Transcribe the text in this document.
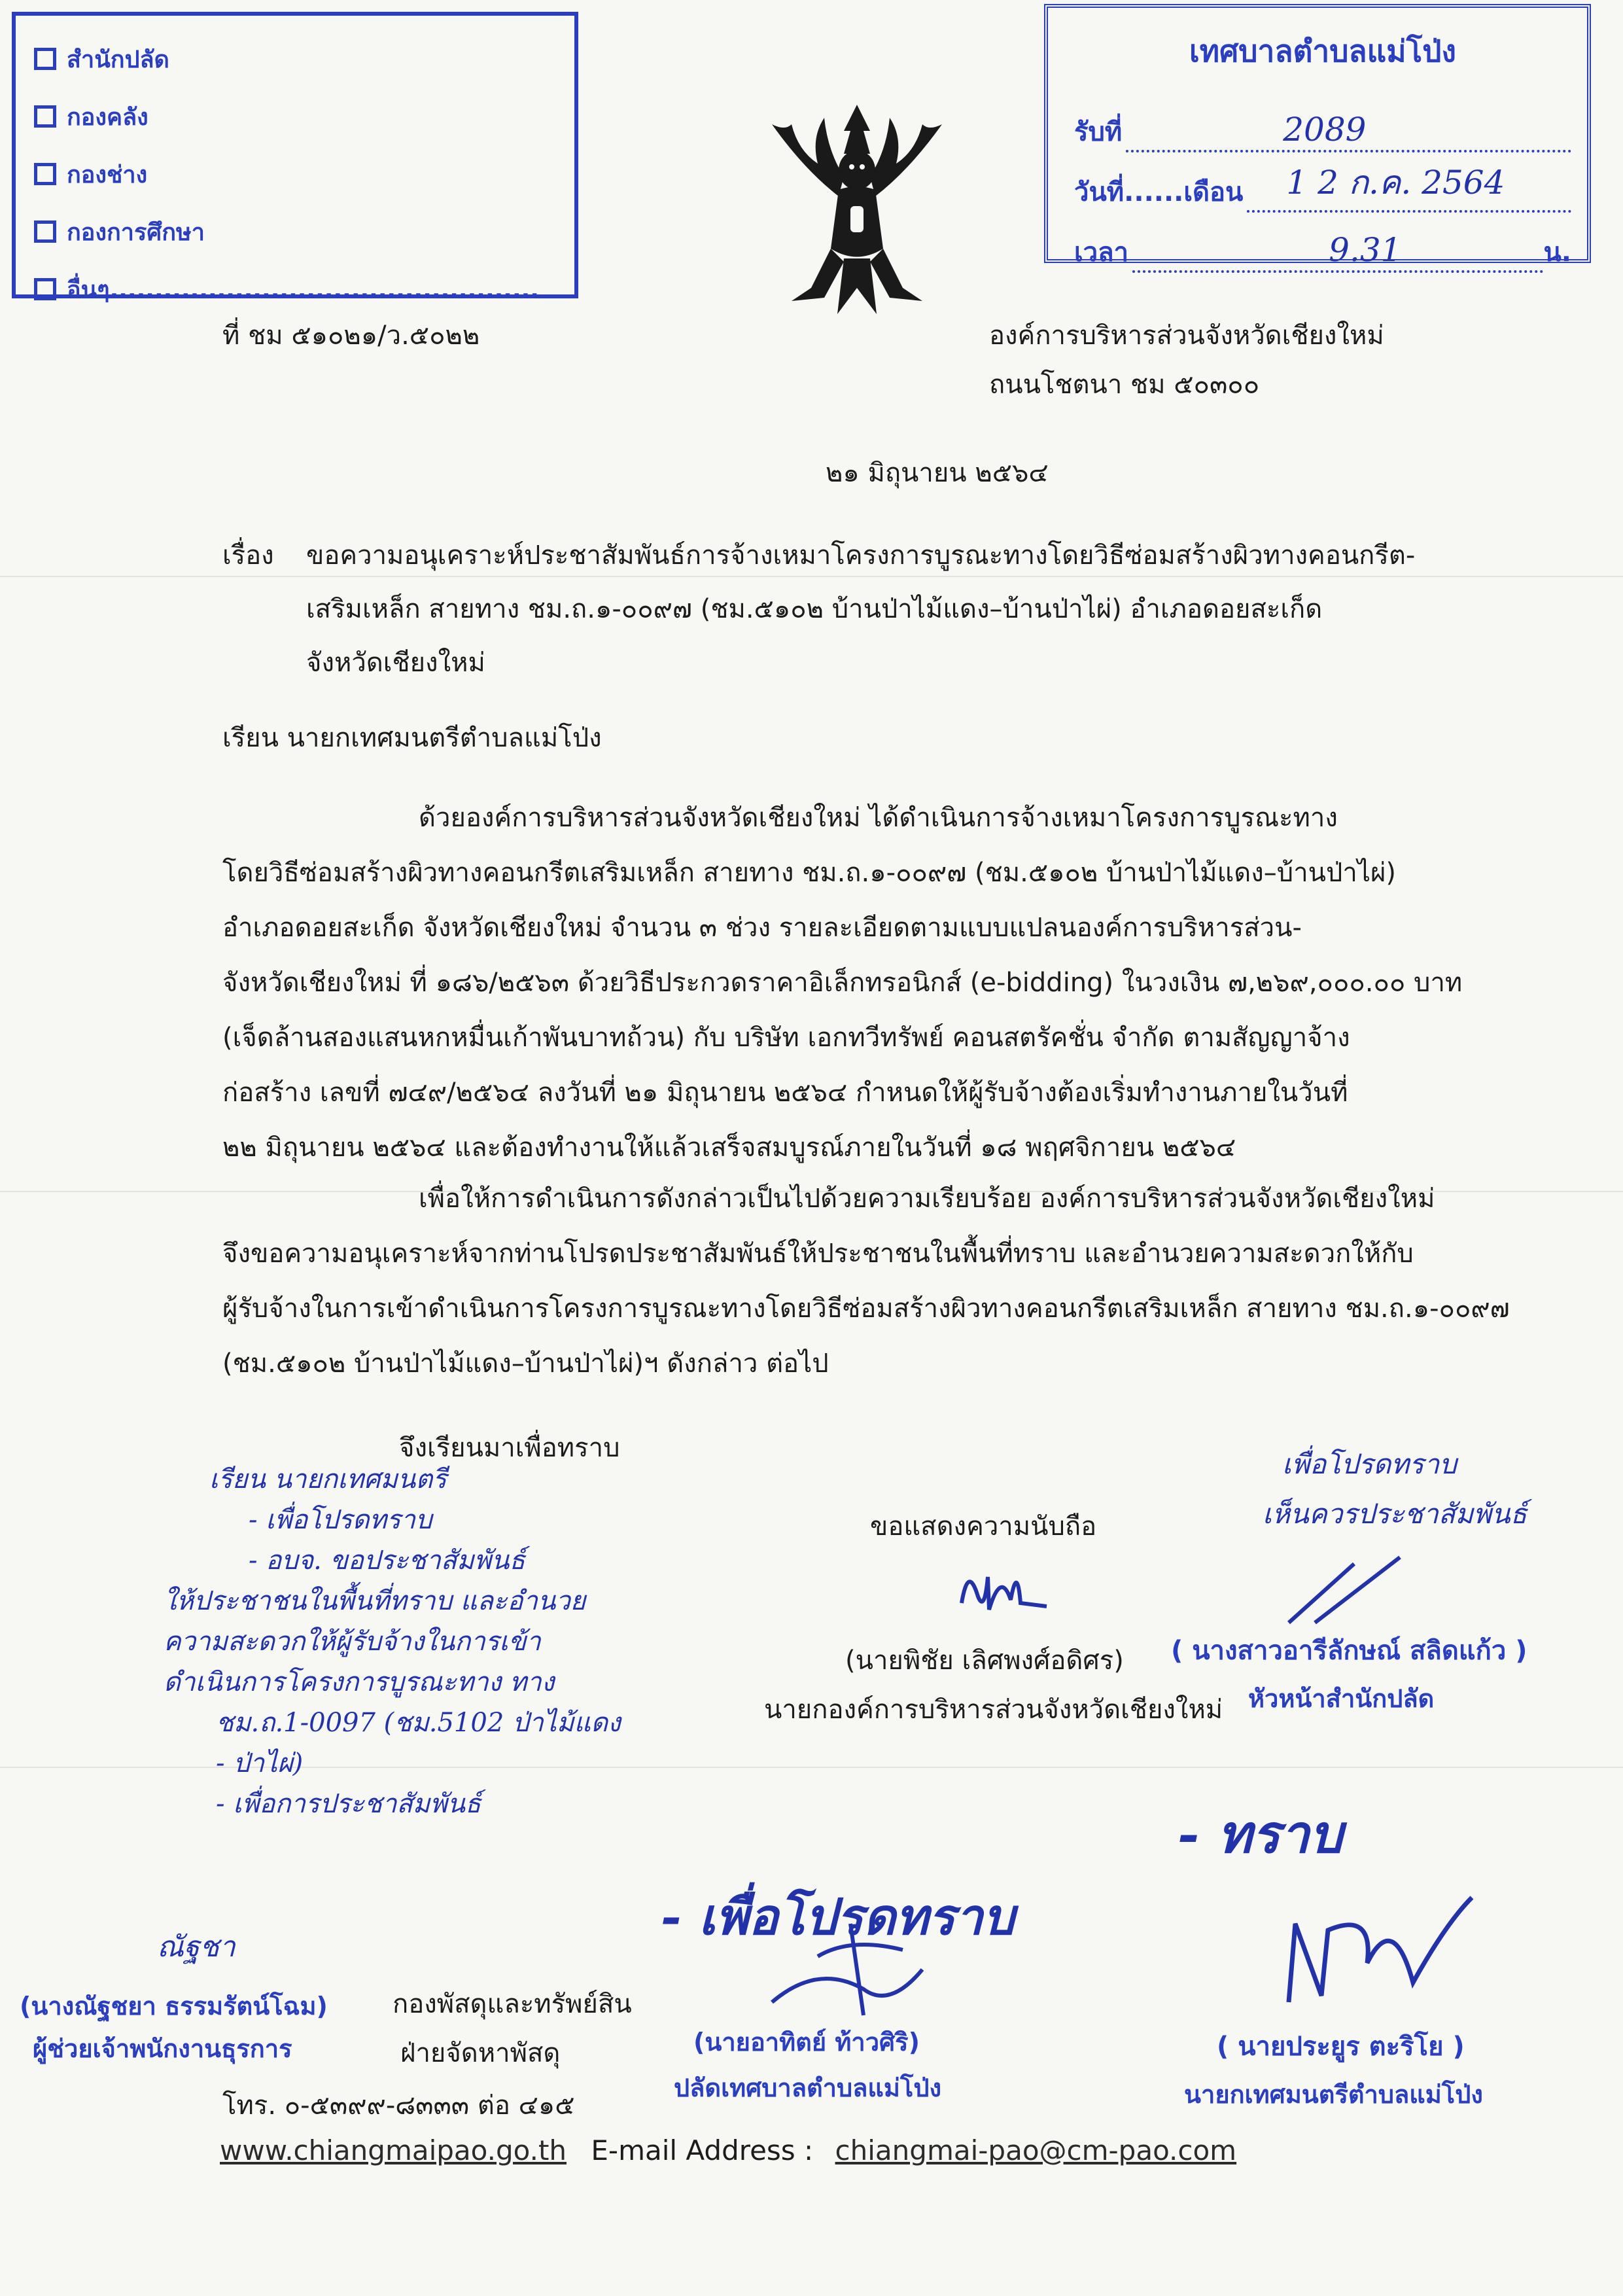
สำนักปลัด
กองคลัง
กองช่าง
กองการศึกษา
อื่นๆ................................................
เทศบาลตำบลแม่โป่ง
รับที่	2089
วันที่......เดือน 1 2 ก.ค. 2564
เวลา	9.31	น.
ที่ ชม ๕๑๐๒๑/ว.๕๐๒๒	องค์การบริหารส่วนจังหวัดเชียงใหม่
ถนนโชตนา ชม ๕๐๓๐๐
๒๑ มิถุนายน ๒๕๖๔
เรื่อง ขอความอนุเคราะห์ประชาสัมพันธ์การจ้างเหมาโครงการบูรณะทางโดยวิธีซ่อมสร้างผิวทางคอนกรีต-
เสริมเหล็ก สายทาง ชม.ถ.๑-๐๐๙๗ (ชม.๕๑๐๒ บ้านป่าไม้แดง–บ้านป่าไผ่) อำเภอดอยสะเก็ด
จังหวัดเชียงใหม่
เรียน นายกเทศมนตรีตำบลแม่โป่ง
ด้วยองค์การบริหารส่วนจังหวัดเชียงใหม่ ได้ดำเนินการจ้างเหมาโครงการบูรณะทาง
โดยวิธีซ่อมสร้างผิวทางคอนกรีตเสริมเหล็ก สายทาง ชม.ถ.๑-๐๐๙๗ (ชม.๕๑๐๒ บ้านป่าไม้แดง–บ้านป่าไผ่)
อำเภอดอยสะเก็ด จังหวัดเชียงใหม่ จำนวน ๓ ช่วง รายละเอียดตามแบบแปลนองค์การบริหารส่วน-
จังหวัดเชียงใหม่ ที่ ๑๘๖/๒๕๖๓ ด้วยวิธีประกวดราคาอิเล็กทรอนิกส์ (e-bidding) ในวงเงิน ๗,๒๖๙,๐๐๐.๐๐ บาท
(เจ็ดล้านสองแสนหกหมื่นเก้าพันบาทถ้วน) กับ บริษัท เอกทวีทรัพย์ คอนสตรัคชั่น จำกัด ตามสัญญาจ้าง
ก่อสร้าง เลขที่ ๗๔๙/๒๕๖๔ ลงวันที่ ๒๑ มิถุนายน ๒๕๖๔ กำหนดให้ผู้รับจ้างต้องเริ่มทำงานภายในวันที่
๒๒ มิถุนายน ๒๕๖๔ และต้องทำงานให้แล้วเสร็จสมบูรณ์ภายในวันที่ ๑๘ พฤศจิกายน ๒๕๖๔
เพื่อให้การดำเนินการดังกล่าวเป็นไปด้วยความเรียบร้อย องค์การบริหารส่วนจังหวัดเชียงใหม่
จึงขอความอนุเคราะห์จากท่านโปรดประชาสัมพันธ์ให้ประชาชนในพื้นที่ทราบ และอำนวยความสะดวกให้กับ
ผู้รับจ้างในการเข้าดำเนินการโครงการบูรณะทางโดยวิธีซ่อมสร้างผิวทางคอนกรีตเสริมเหล็ก สายทาง ชม.ถ.๑-๐๐๙๗
(ชม.๕๑๐๒ บ้านป่าไม้แดง–บ้านป่าไผ่)ฯ ดังกล่าว ต่อไป
จึงเรียนมาเพื่อทราบ
ขอแสดงความนับถือ
(นายพิชัย เลิศพงศ์อดิศร)
นายกองค์การบริหารส่วนจังหวัดเชียงใหม่
เรียน นายกเทศมนตรี
- เพื่อโปรดทราบ
- อบจ. ขอประชาสัมพันธ์
ให้ประชาชนในพื้นที่ทราบ และอำนวย
ความสะดวกให้ผู้รับจ้างในการเข้า
ดำเนินการโครงการบูรณะทาง ทาง
ชม.ถ.1-0097 (ชม.5102 ป่าไม้แดง
- ป่าไผ่)
- เพื่อการประชาสัมพันธ์
เพื่อโปรดทราบ
เห็นควรประชาสัมพันธ์
( นางสาวอารีลักษณ์ สลิดแก้ว )
หัวหน้าสำนักปลัด
- เพื่อโปรดทราบ
- ทราบ
ณัฐชา
(นางณัฐชยา ธรรมรัตน์โฉม)
ผู้ช่วยเจ้าพนักงานธุรการ
กองพัสดุและทรัพย์สิน
ฝ่ายจัดหาพัสดุ
โทร. ๐-๕๓๙๙-๘๓๓๓ ต่อ ๔๑๕
(นายอาทิตย์ ท้าวศิริ)
ปลัดเทศบาลตำบลแม่โป่ง
( นายประยูร ตะริโย )
นายกเทศมนตรีตำบลแม่โป่ง
www.chiangmaipao.go.th E-mail Address : chiangmai-pao@cm-pao.com
